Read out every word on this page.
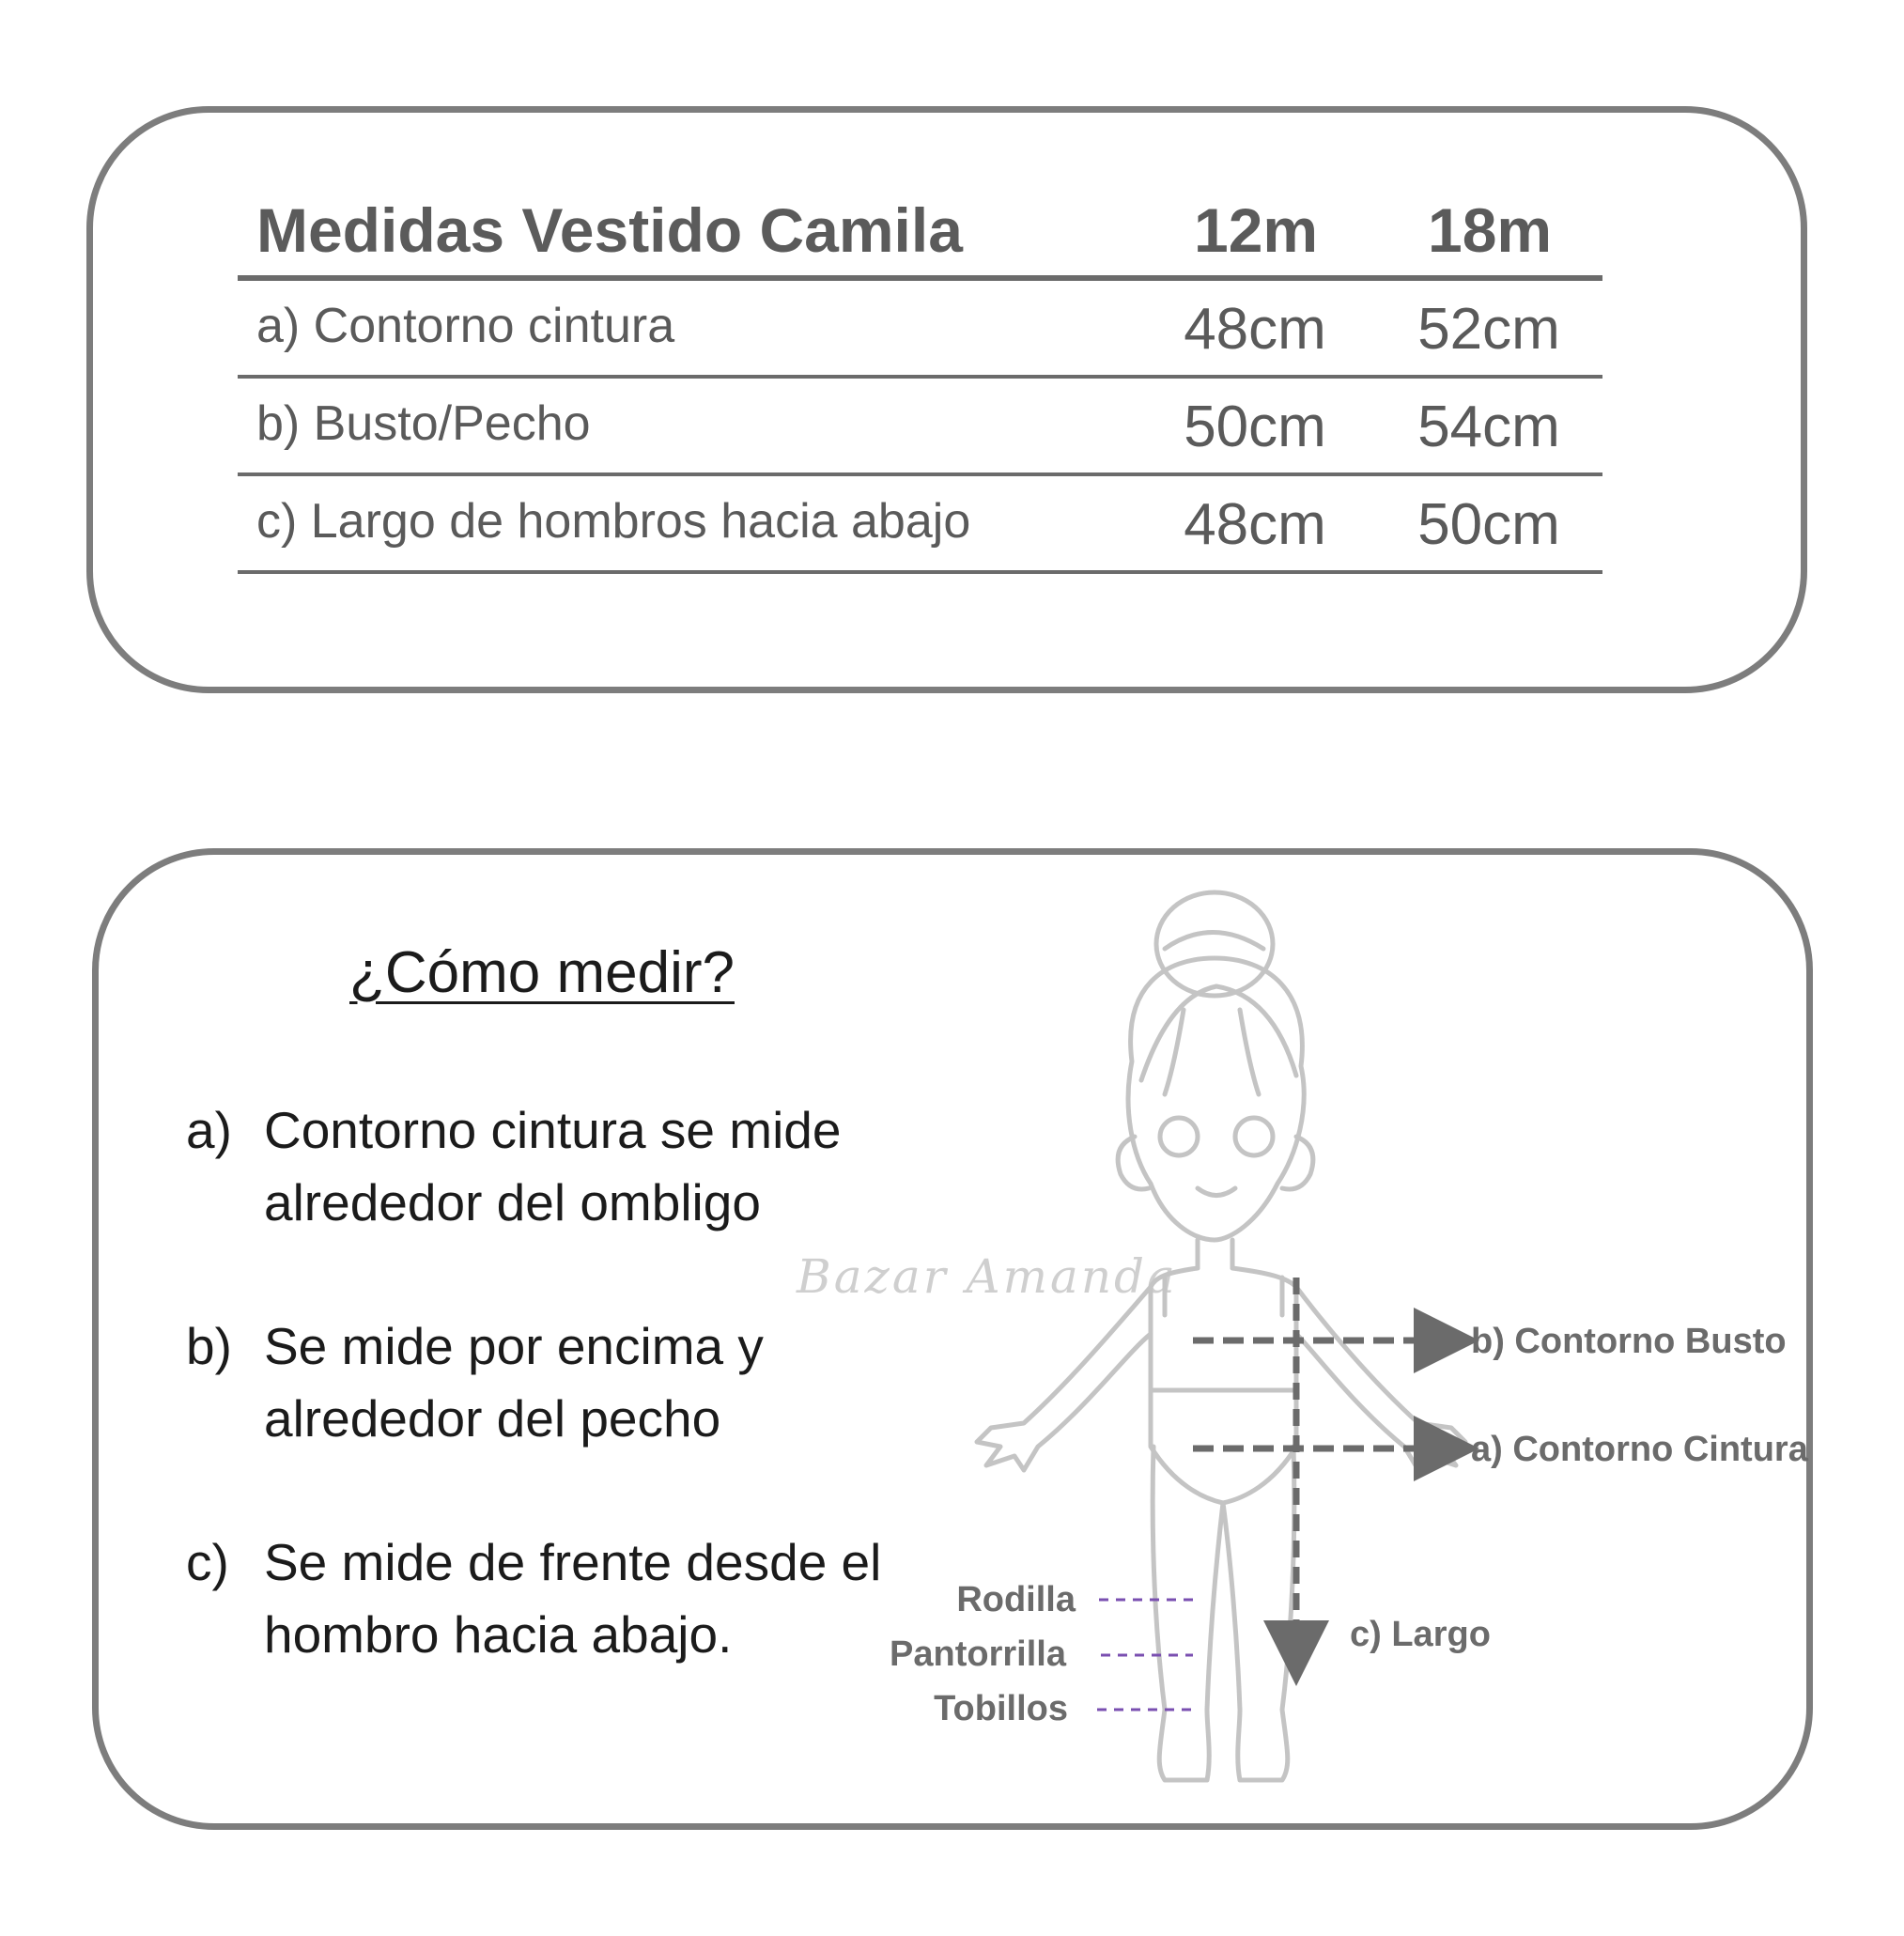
Medidas Vestido Camila	12m 18m
a) Contorno cintura	48cm	52cm
b) Busto/Pecho	50cm	54cm
c) Largo de hombros hacia abajo	48cm	50cm
¿Cómo medir?
a) Contorno cintura se mide alrededor del ombligo
b) Se mide por encima y alrededor del pecho
c) Se mide de frente desde el hombro hacia abajo.
Bazar Amanda
b) Contorno Busto
a) Contorno Cintura
c) Largo
Rodilla
Pantorrilla
Tobillos
